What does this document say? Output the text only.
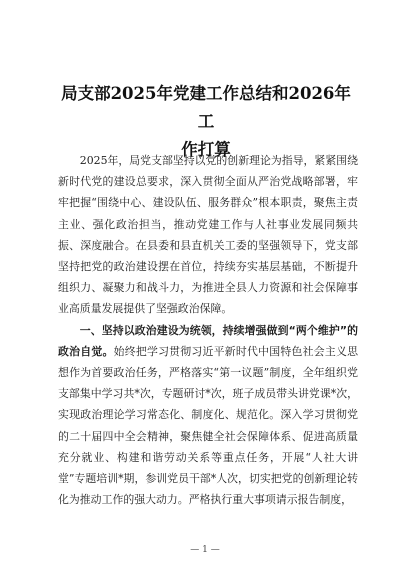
局支部2025年党建工作总结和2026年工
作打算

2025年，局党支部坚持以党的创新理论为指导，紧紧围绕新时代党的建设总要求，深入贯彻全面从严治党战略部署，牢牢把握“围绕中心、建设队伍、服务群众”根本职责，聚焦主责主业、强化政治担当，推动党建工作与人社事业发展同频共振、深度融合。在县委和县直机关工委的坚强领导下，党支部坚持把党的政治建设摆在首位，持续夯实基层基础，不断提升组织力、凝聚力和战斗力，为推进全县人力资源和社会保障事业高质量发展提供了坚强政治保障。

一、坚持以政治建设为统领，持续增强做到“两个维护”的政治自觉。始终把学习贯彻习近平新时代中国特色社会主义思想作为首要政治任务，严格落实“第一议题”制度，全年组织党支部集中学习共*次，专题研讨*次，班子成员带头讲党课*次，实现政治理论学习常态化、制度化、规范化。深入学习贯彻党的二十届四中全会精神，聚焦健全社会保障体系、促进高质量充分就业、构建和谐劳动关系等重点任务，开展“人社大讲堂”专题培训*期，参训党员干部*人次，切实把党的创新理论转化为推动工作的强大动力。严格执行重大事项请示报告制度，

— 1 —
